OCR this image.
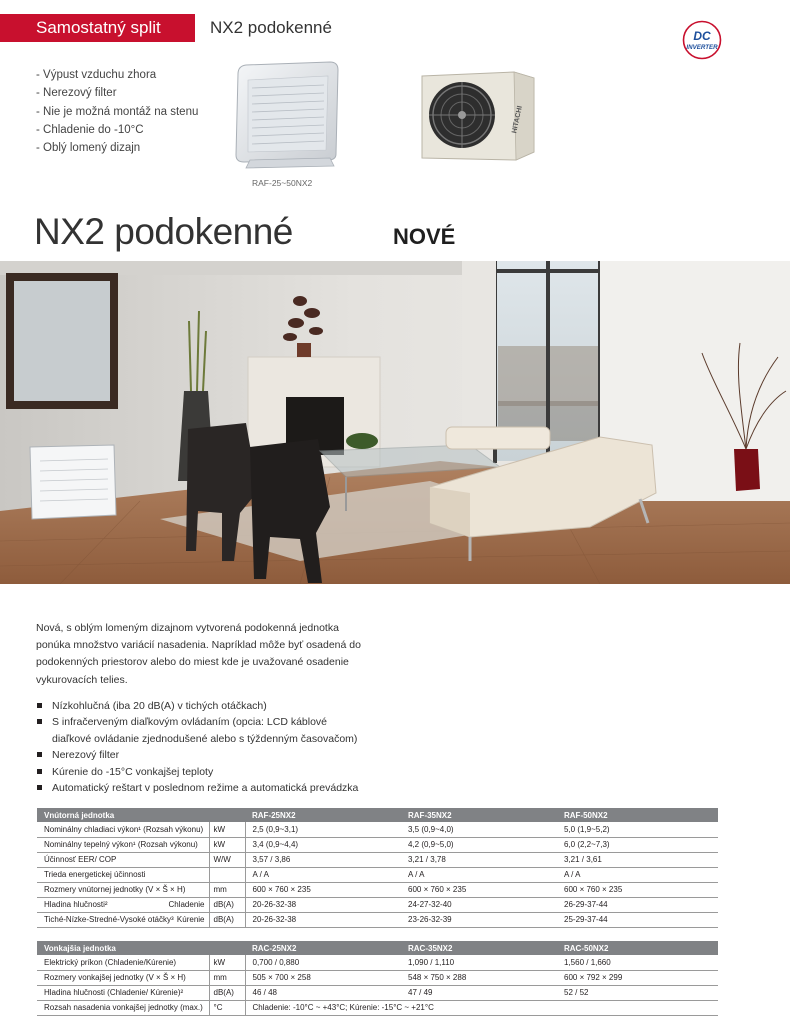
Samostatný split	NX2 podokenné	DC
INVERTER
- Výpust vzduchu zhora
- Nerezový filter
- Nie je možná montáž na stenu
- Chladenie do -10°C
- Oblý lomený dizajn
RAF-25~50NX2
HITACHI
NX2 podokenné	NOVÉ
Nová, s oblým lomeným dizajnom vytvorená podokenná jednotka
ponúka množstvo variácií nasadenia. Napríklad môže byť osadená do
podokenných priestorov alebo do miest kde je uvažované osadenie
vykurovacích telies.
Nízkohlučná (iba 20 dB(A) v tichých otáčkach)
S infračerveným diaľkovým ovládaním (opcia: LCD káblové
diaľkové ovládanie zjednodušené alebo s týždenným časovačom)
Nerezový filter
Kúrenie do -15°C vonkajšej teploty
Automatický reštart v poslednom režime a automatická prevádzka
Vnútorná jednotka		RAF-25NX2	RAF-35NX2	RAF-50NX2
Nominálny chladiaci výkon¹ (Rozsah výkonu)	kW	2,5 (0,9~3,1)	3,5 (0,9~4,0)	5,0 (1,9~5,2)
Nominálny tepelný výkon¹ (Rozsah výkonu)	kW	3,4 (0,9~4,4)	4,2 (0,9~5,0)	6,0 (2,2~7,3)
Účinnosť EER/ COP	W/W	3,57 / 3,86	3,21 / 3,78	3,21 / 3,61
Trieda energetickej účinnosti		A / A	A / A	A / A
Rozmery vnútornej jednotky (V × Š × H)	mm	600 × 760 × 235	600 × 760 × 235	600 × 760 × 235
Hladina hlučnosti² Chladenie	dB(A)	20-26-32-38	24-27-32-40	26-29-37-44
Tiché-Nízke-Stredné-Vysoké otáčky³ Kúrenie	dB(A)	20-26-32-38	23-26-32-39	25-29-37-44
Vonkajšia jednotka		RAC-25NX2	RAC-35NX2	RAC-50NX2
Elektrický príkon (Chladenie/Kúrenie)	kW	0,700 / 0,880	1,090 / 1,110	1,560 / 1,660
Rozmery vonkajšej jednotky (V × Š × H)	mm	505 × 700 × 258	548 × 750 × 288	600 × 792 × 299
Hladina hlučnosti (Chladenie/ Kúrenie)²	dB(A)	46 / 48	47 / 49	52 / 52
Rozsah nasadenia vonkajšej jednotky (max.)	°C	Chladenie: -10°C ~ +43°C; Kúrenie: -15°C ~ +21°C		
